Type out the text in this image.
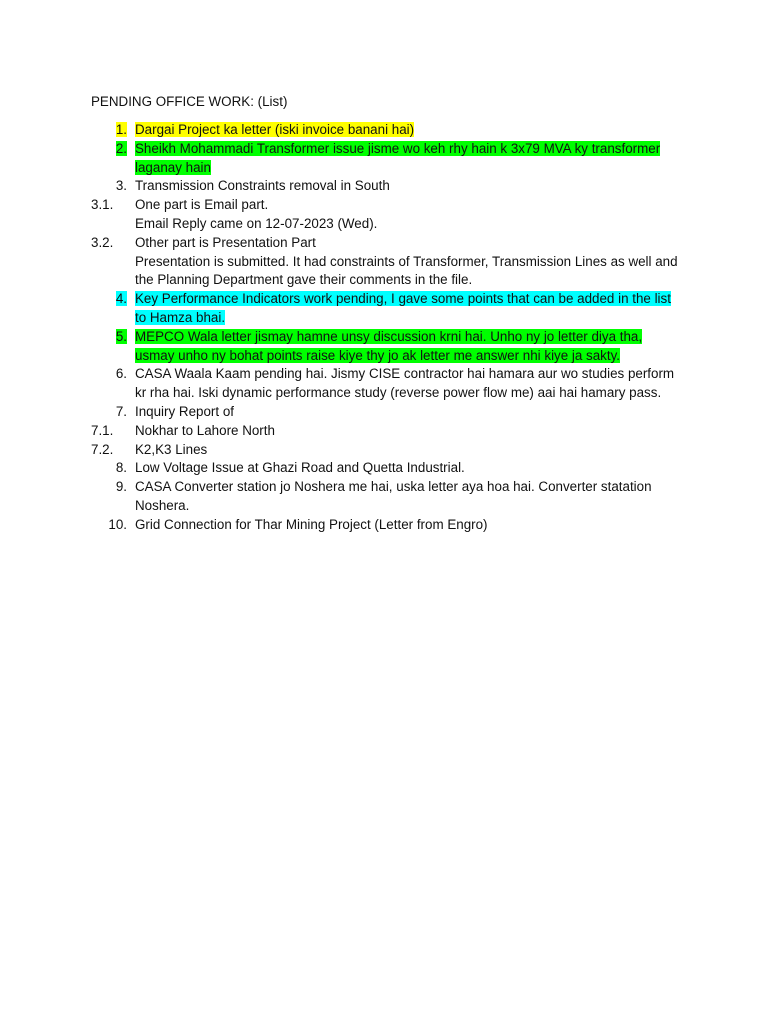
PENDING OFFICE WORK: (List)
1. Dargai Project ka letter (iski invoice banani hai)
2. Sheikh Mohammadi Transformer issue jisme wo keh rhy hain k 3x79 MVA ky transformer laganay hain
3. Transmission Constraints removal in South
3.1.	One part is Email part.
Email Reply came on 12-07-2023 (Wed).
3.2.	Other part is Presentation Part
Presentation is submitted. It had constraints of Transformer, Transmission Lines as well and the Planning Department gave their comments in the file.
4. Key Performance Indicators work pending, I gave some points that can be added in the list to Hamza bhai.
5. MEPCO Wala letter jismay hamne unsy discussion krni hai. Unho ny jo letter diya tha, usmay unho ny bohat points raise kiye thy jo ak letter me answer nhi kiye ja sakty.
6. CASA Waala Kaam pending hai. Jismy CISE contractor hai hamara aur wo studies perform kr rha hai. Iski dynamic performance study (reverse power flow me) aai hai hamary pass.
7. Inquiry Report of
7.1.	Nokhar to Lahore North
7.2.	K2,K3 Lines
8. Low Voltage Issue at Ghazi Road and Quetta Industrial.
9. CASA Converter station jo Noshera me hai, uska letter aya hoa hai. Converter statation Noshera.
10. Grid Connection for Thar Mining Project (Letter from Engro)
